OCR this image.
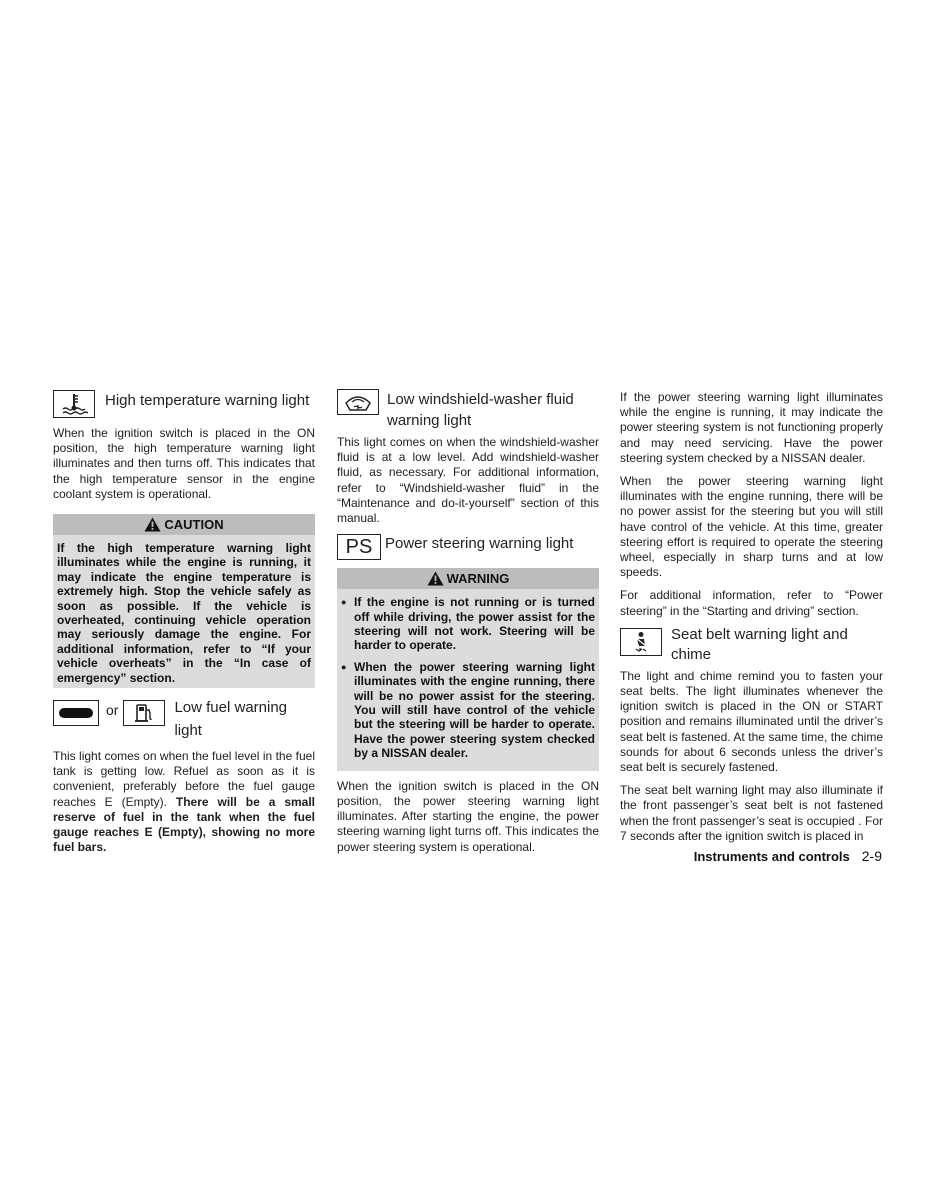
High temperature warning light

When the ignition switch is placed in the ON position, the high temperature warning light illuminates and then turns off. This indicates that the high temperature sensor in the engine coolant system is operational.

CAUTION
If the high temperature warning light illuminates while the engine is running, it may indicate the engine temperature is extremely high. Stop the vehicle safely as soon as possible. If the vehicle is overheated, continuing vehicle operation may seriously damage the engine. For additional information, refer to “If your vehicle overheats” in the “In case of emergency” section.
or	Low fuel warning
light

This light comes on when the fuel level in the fuel tank is getting low. Refuel as soon as it is convenient, preferably before the fuel gauge reaches E (Empty). There will be a small reserve of fuel in the tank when the fuel gauge reaches E (Empty), showing no more fuel bars.

Low windshield-washer fluid
warning light

This light comes on when the windshield-washer fluid is at a low level. Add windshield-washer fluid, as necessary. For additional information, refer to “Windshield-washer fluid” in the “Maintenance and do-it-yourself” section of this manual.

PS Power steering warning light
WARNING
● If the engine is not running or is turned off while driving, the power assist for the steering will not work. Steering will be harder to operate.
● When the power steering warning light illuminates with the engine running, there will be no power assist for the steering. You will still have control of the vehicle but the steering will be harder to operate. Have the power steering system checked by a NISSAN dealer.

When the ignition switch is placed in the ON position, the power steering warning light illuminates. After starting the engine, the power steering warning light turns off. This indicates the power steering system is operational.

If the power steering warning light illuminates while the engine is running, it may indicate the power steering system is not functioning properly and may need servicing. Have the power steering system checked by a NISSAN dealer.

When the power steering warning light illuminates with the engine running, there will be no power assist for the steering but you will still have control of the vehicle. At this time, greater steering effort is required to operate the steering wheel, especially in sharp turns and at low speeds.

For additional information, refer to “Power steering” in the “Starting and driving” section.

Seat belt warning light and
chime

The light and chime remind you to fasten your seat belts. The light illuminates whenever the ignition switch is placed in the ON or START position and remains illuminated until the driver’s seat belt is fastened. At the same time, the chime sounds for about 6 seconds unless the driver’s seat belt is securely fastened.

The seat belt warning light may also illuminate if the front passenger’s seat belt is not fastened when the front passenger’s seat is occupied . For 7 seconds after the ignition switch is placed in

Instruments and controls 2-9
